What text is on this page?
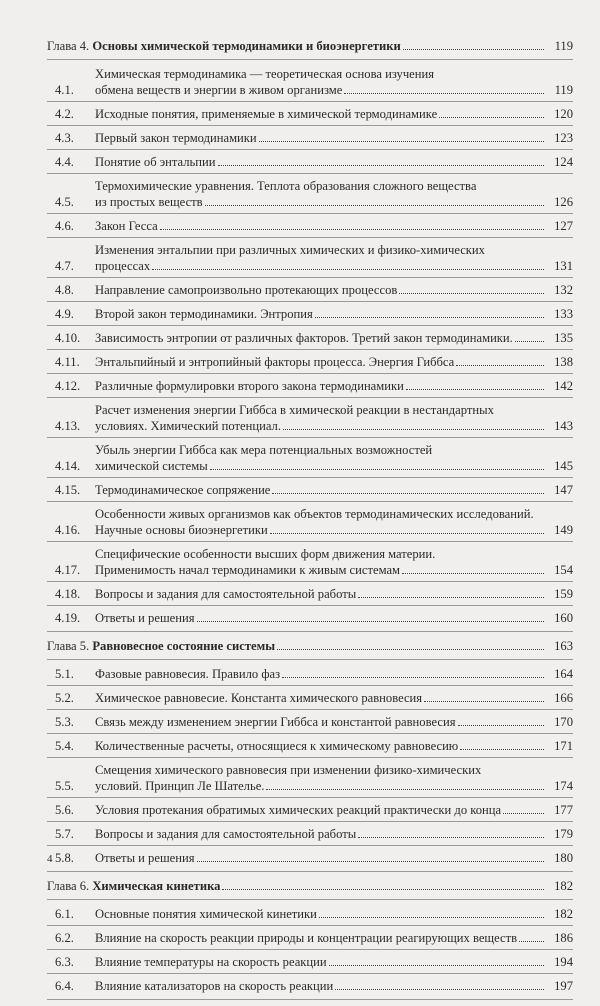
Глава 4.
Основы химической термодинамики и биоэнергетики	119
4.1.
Химическая термодинамика — теоретическая основа изучения
обмена веществ и энергии в живом организме	119
4.2.	Исходные понятия, применяемые в химической термодинамике	120
4.3.	Первый закон термодинамики	123
4.4.	Понятие об энтальпии	124
4.5.
Термохимические уравнения. Теплота образования сложного вещества
из простых веществ	126
4.6.	Закон Гесса	127
4.7.
Изменения энтальпии при различных химических и физико-химических
процессах	131
4.8.	Направление самопроизвольно протекающих процессов	132
4.9.	Второй закон термодинамики. Энтропия	133
4.10.	Зависимость энтропии от различных факторов. Третий закон термодинамики.	135
4.11.	Энтальпийный и энтропийный факторы процесса. Энергия Гиббса	138
4.12.	Различные формулировки второго закона термодинамики	142
4.13.
Расчет изменения энергии Гиббса в химической реакции в нестандартных
условиях. Химический потенциал.	143
4.14.
Убыль энергии Гиббса как мера потенциальных возможностей
химической системы	145
4.15.	Термодинамическое сопряжение	147
4.16.
Особенности живых организмов как объектов термодинамических исследований.
Научные основы биоэнергетики	149
4.17.
Специфические особенности высших форм движения материи.
Применимость начал термодинамики к живым системам	154
4.18.	Вопросы и задания для самостоятельной работы	159
4.19.	Ответы и решения	160
Глава 5.
Равновесное состояние системы	163
5.1.	Фазовые равновесия. Правило фаз	164
5.2.	Химическое равновесие. Константа химического равновесия	166
5.3.	Связь между изменением энергии Гиббса и константой равновесия	170
5.4.	Количественные расчеты, относящиеся к химическому равновесию	171
5.5.
Смещения химического равновесия при изменении физико-химических
условий. Принцип Ле Шателье.	174
5.6.	Условия протекания обратимых химических реакций практически до конца	177
5.7.	Вопросы и задания для самостоятельной работы	179
5.8.	Ответы и решения	180
Глава 6.
Химическая кинетика	182
6.1.	Основные понятия химической кинетики	182
6.2.	Влияние на скорость реакции природы и концентрации реагирующих веществ	186
6.3.	Влияние температуры на скорость реакции	194
6.4.	Влияние катализаторов на скорость реакции	197
4
